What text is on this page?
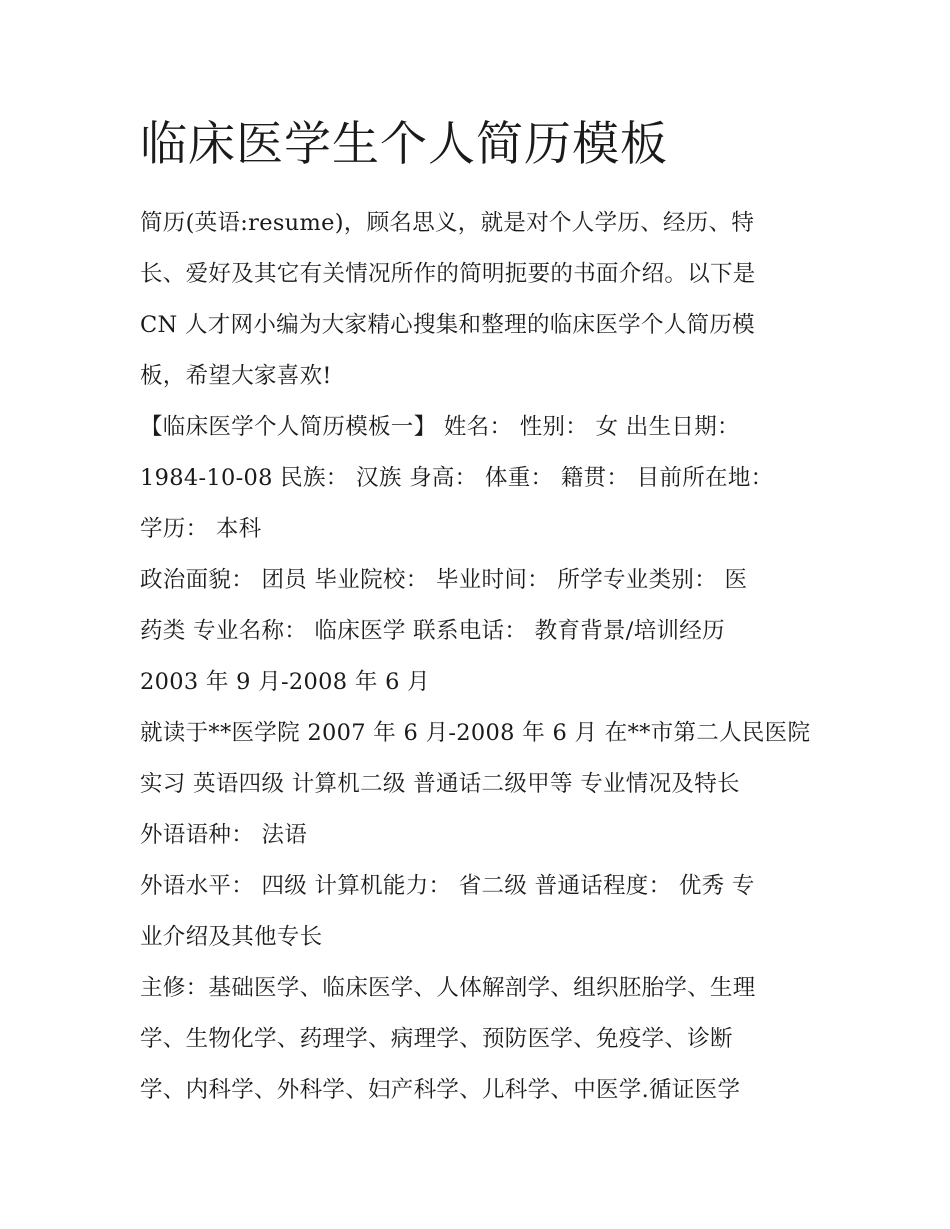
临床医学生个人简历模板
简历(英语:resume)，顾名思义，就是对个人学历、经历、特
长、爱好及其它有关情况所作的简明扼要的书面介绍。以下是
CN 人才网小编为大家精心搜集和整理的临床医学个人简历模
板，希望大家喜欢!
【临床医学个人简历模板一】 姓名： 性别： 女 出生日期：
1984-10-08 民族： 汉族 身高： 体重： 籍贯： 目前所在地：
学历： 本科
政治面貌： 团员 毕业院校： 毕业时间： 所学专业类别： 医
药类 专业名称： 临床医学 联系电话： 教育背景/培训经历
2003 年 9 月-2008 年 6 月
就读于**医学院 2007 年 6 月-2008 年 6 月 在**市第二人民医院
实习 英语四级 计算机二级 普通话二级甲等 专业情况及特长
外语语种： 法语
外语水平： 四级 计算机能力： 省二级 普通话程度： 优秀 专
业介绍及其他专长
主修：基础医学、临床医学、人体解剖学、组织胚胎学、生理
学、生物化学、药理学、病理学、预防医学、免疫学、诊断
学、内科学、外科学、妇产科学、儿科学、中医学.循证医学
